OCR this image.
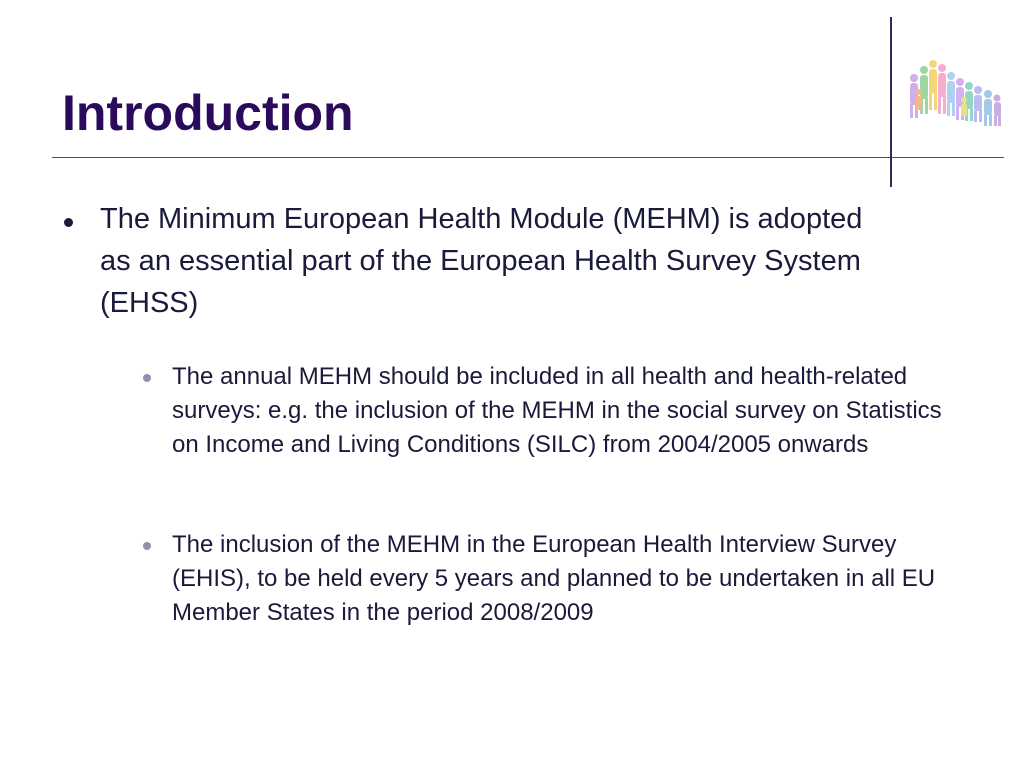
Introduction

The Minimum European Health Module (MEHM) is adopted as an essential part of the European Health Survey System (EHSS)

The annual MEHM should be included in all health and health-related surveys: e.g. the inclusion of the MEHM in the social survey on Statistics on Income and Living Conditions (SILC) from 2004/2005 onwards

The inclusion of the MEHM in the European Health Interview Survey (EHIS), to be held every 5 years and planned to be undertaken in all EU Member States in the period 2008/2009
